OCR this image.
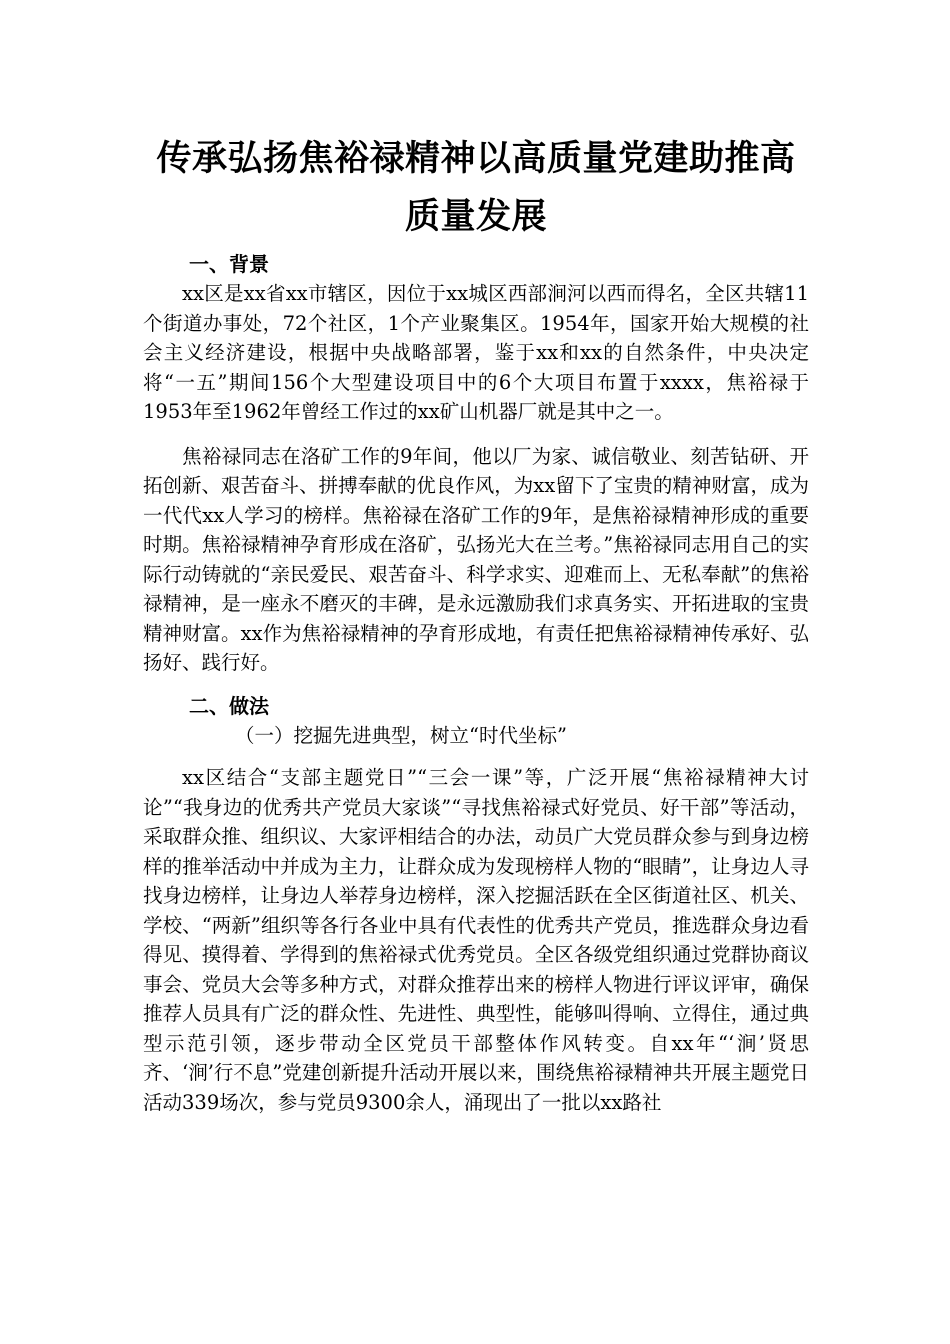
传承弘扬焦裕禄精神以高质量党建助推高
质量发展
一、背景

xx区是xx省xx市辖区，因位于xx城区西部涧河以西而得名，全区共辖11个街道办事处，72个社区，1个产业聚集区。1954年，国家开始大规模的社会主义经济建设，根据中央战略部署，鉴于xx和xx的自然条件，中央决定将“一五”期间156个大型建设项目中的6个大项目布置于xxxx，焦裕禄于1953年至1962年曾经工作过的xx矿山机器厂就是其中之一。

焦裕禄同志在洛矿工作的9年间，他以厂为家、诚信敬业、刻苦钻研、开拓创新、艰苦奋斗、拼搏奉献的优良作风，为xx留下了宝贵的精神财富，成为一代代xx人学习的榜样。焦裕禄在洛矿工作的9年，是焦裕禄精神形成的重要时期。焦裕禄精神孕育形成在洛矿，弘扬光大在兰考。”焦裕禄同志用自己的实际行动铸就的“亲民爱民、艰苦奋斗、科学求实、迎难而上、无私奉献”的焦裕禄精神，是一座永不磨灭的丰碑，是永远激励我们求真务实、开拓进取的宝贵精神财富。xx作为焦裕禄精神的孕育形成地，有责任把焦裕禄精神传承好、弘扬好、践行好。

二、做法

（一）挖掘先进典型，树立“时代坐标”

xx区结合“支部主题党日”“三会一课”等，广泛开展“焦裕禄精神大讨论”“我身边的优秀共产党员大家谈”“寻找焦裕禄式好党员、好干部”等活动，采取群众推、组织议、大家评相结合的办法，动员广大党员群众参与到身边榜样的推举活动中并成为主力，让群众成为发现榜样人物的“眼睛”，让身边人寻找身边榜样，让身边人举荐身边榜样，深入挖掘活跃在全区街道社区、机关、学校、“两新”组织等各行各业中具有代表性的优秀共产党员，推选群众身边看得见、摸得着、学得到的焦裕禄式优秀党员。全区各级党组织通过党群协商议事会、党员大会等多种方式，对群众推荐出来的榜样人物进行评议评审，确保推荐人员具有广泛的群众性、先进性、典型性，能够叫得响、立得住，通过典型示范引领，逐步带动全区党员干部整体作风转变。自xx年“‘涧’贤思齐、‘涧’行不息”党建创新提升活动开展以来，围绕焦裕禄精神共开展主题党日活动339场次，参与党员9300余人，涌现出了一批以xx路社
